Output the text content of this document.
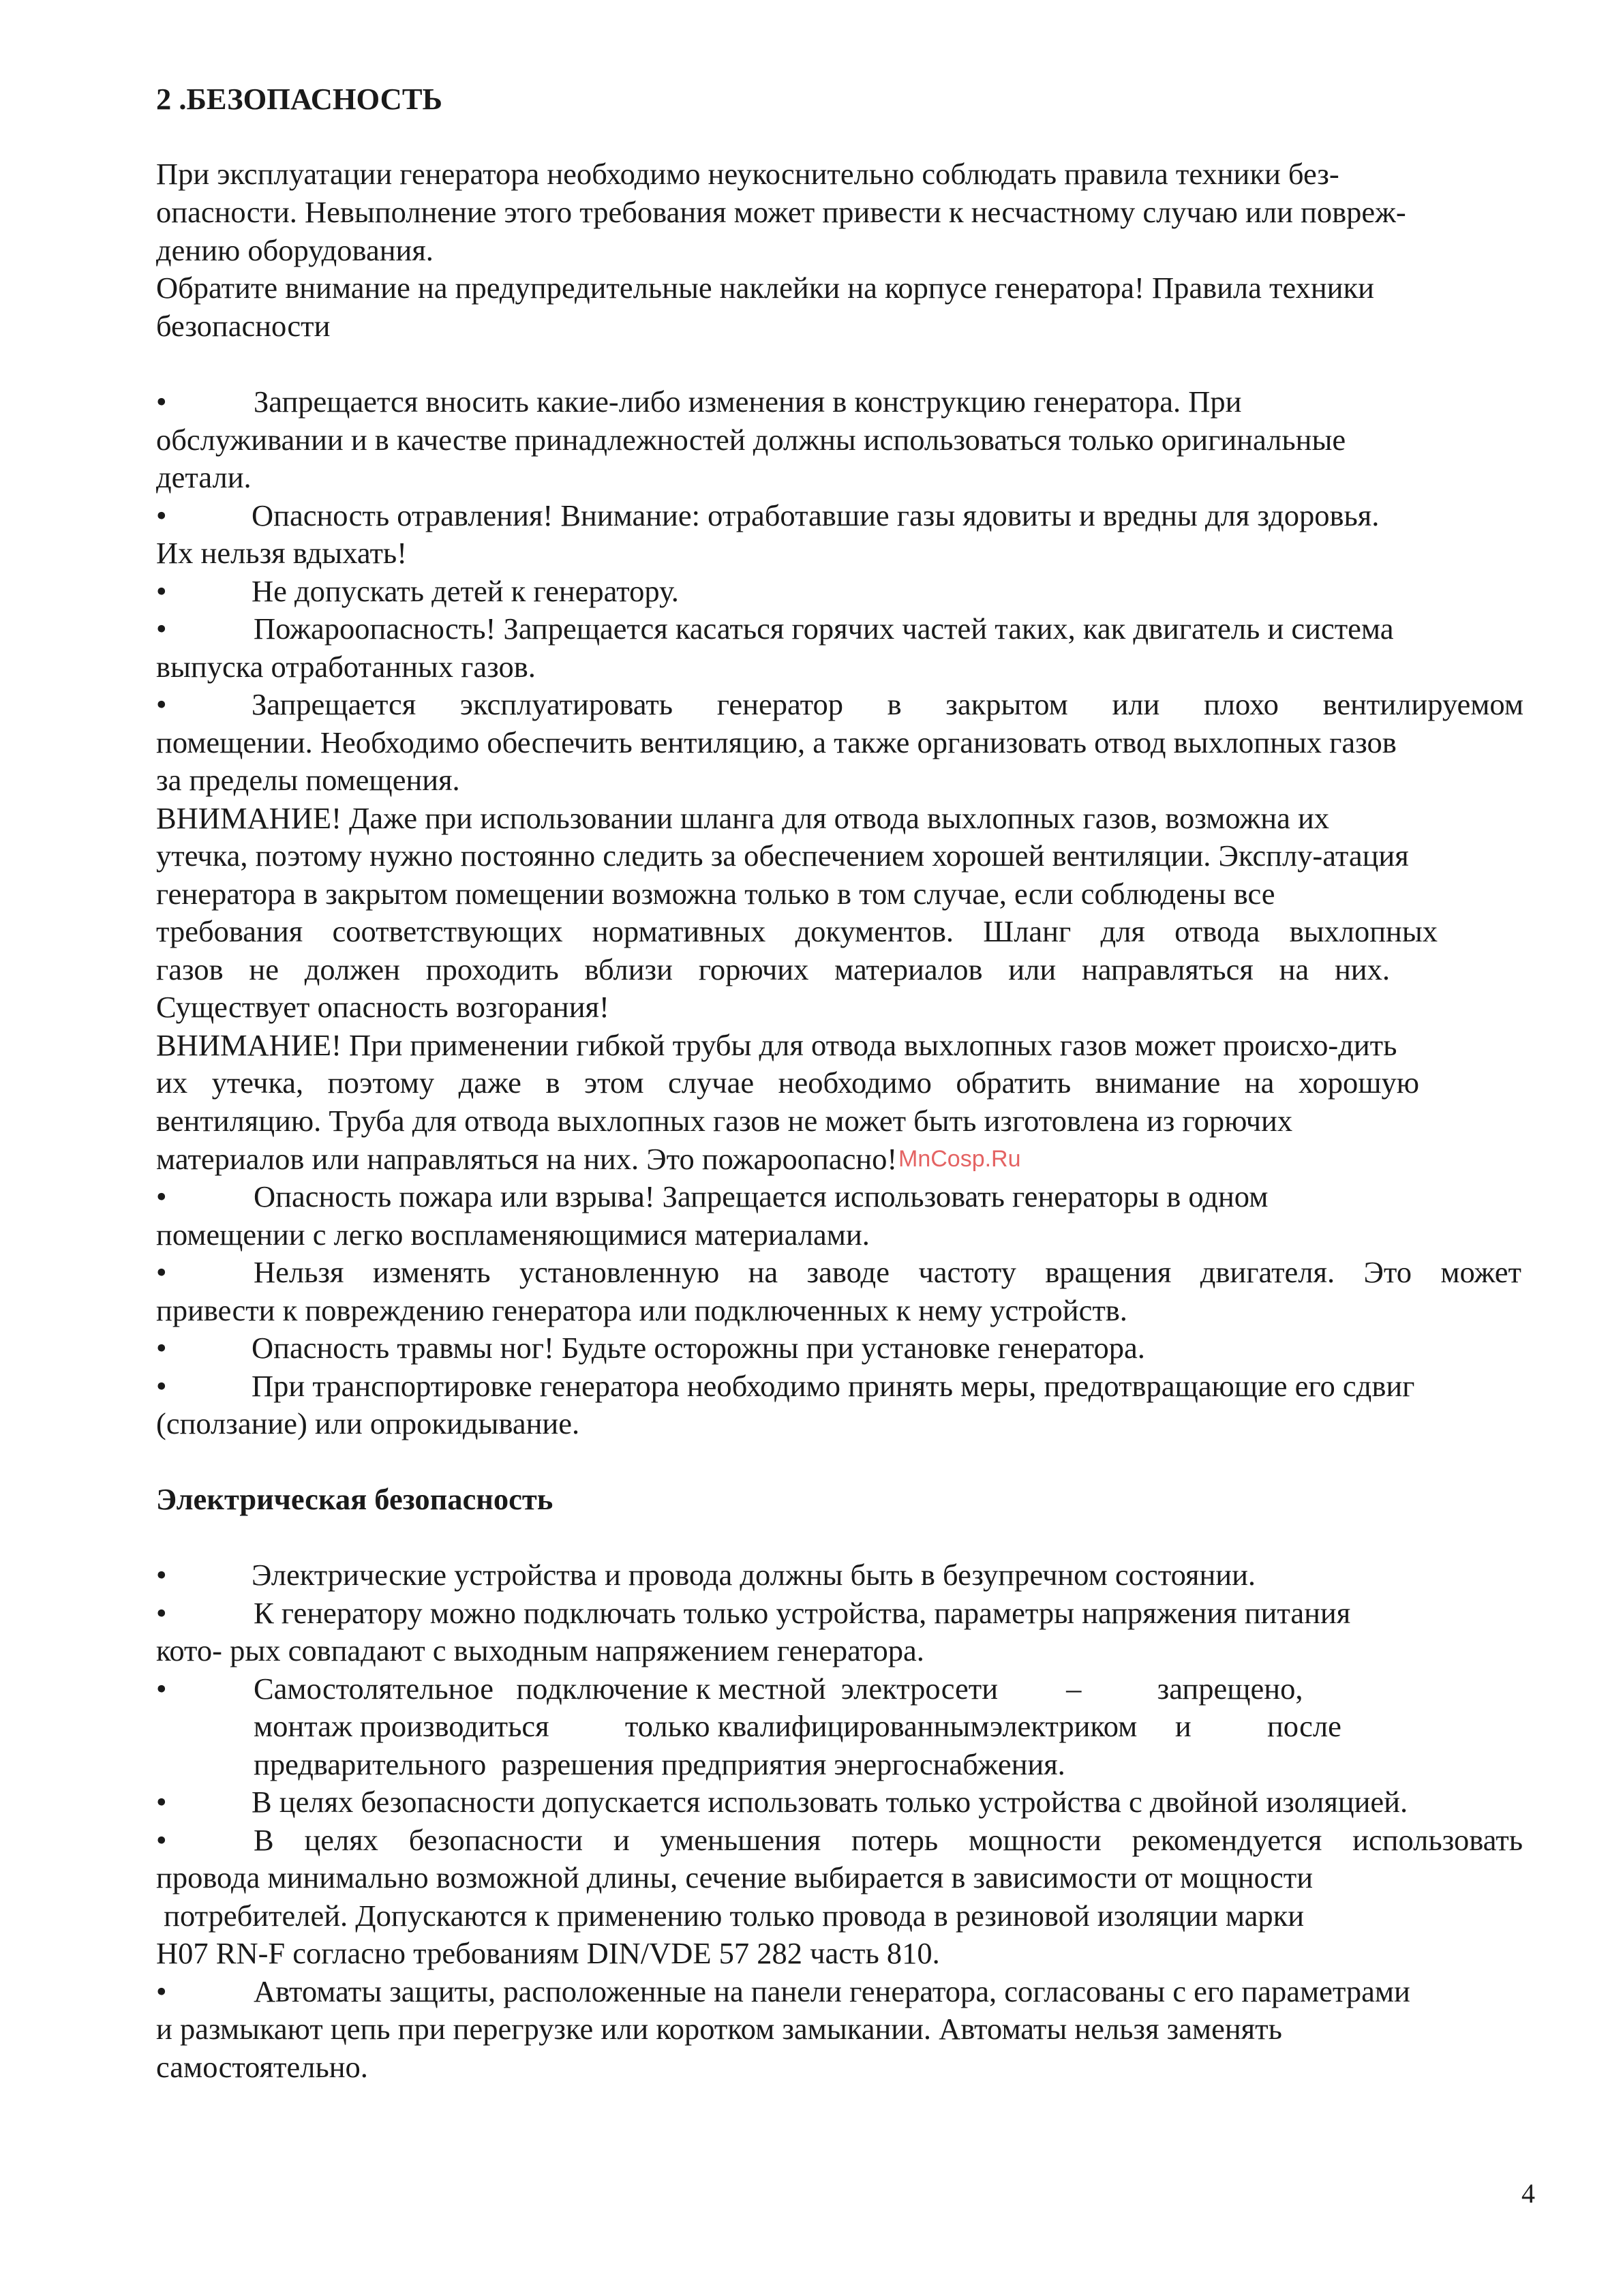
2 .БЕЗОПАСНОСТЬ
При эксплуатации генератора необходимо неукоснительно соблюдать правила техники без-
опасности. Невыполнение этого требования может привести к несчастному случаю или повреж-
дению оборудования.
Обратите внимание на предупредительные наклейки на корпусе генератора! Правила техники
безопасности
•	Запрещается вносить какие-либо изменения в конструкцию генератора. При
обслуживании и в качестве принадлежностей должны использоваться только оригинальные
детали.
•	Опасность отравления! Внимание: отработавшие газы ядовиты и вредны для здоровья.
Их нельзя вдыхать!
•	Не допускать детей к генератору.
•	Пожароопасность! Запрещается касаться горячих частей таких, как двигатель и система
выпуска отработанных газов.
•	Запрещается эксплуатировать генератор в закрытом или плохо вентилируемом
помещении. Необходимо обеспечить вентиляцию, а также организовать отвод выхлопных газов
за пределы помещения.
ВНИМАНИЕ! Даже при использовании шланга для отвода выхлопных газов, возможна их
утечка, поэтому нужно постоянно следить за обеспечением хорошей вентиляции. Эксплу-атация
генератора в закрытом помещении возможна только в том случае, если соблюдены все
требования соответствующих нормативных документов. Шланг для отвода выхлопных
газов не должен проходить вблизи горючих материалов или направляться на них.
Существует опасность возгорания!
ВНИМАНИЕ! При применении гибкой трубы для отвода выхлопных газов может происхо-дить
их утечка, поэтому даже в этом случае необходимо обратить внимание на хорошую
вентиляцию. Труба для отвода выхлопных газов не может быть изготовлена из горючих
материалов или направляться на них. Это пожароопасно! MnCosp.Ru
•	Опасность пожара или взрыва! Запрещается использовать генераторы в одном
помещении с легко воспламеняющимися материалами.
•	Нельзя изменять установленную на заводе частоту вращения двигателя. Это может
привести к повреждению генератора или подключенных к нему устройств.
•	Опасность травмы ног! Будьте осторожны при установке генератора.
•	При транспортировке генератора необходимо принять меры, предотвращающие его сдвиг
(сползание) или опрокидывание.
Электрическая безопасность
•	Электрические устройства и провода должны быть в безупречном состоянии.
•	К генератору можно подключать только устройства, параметры напряжения питания
кото- рых совпадают с выходным напряжением генератора.
•	Самостолятельное   подключение к местной  электросети         –          запрещено,
монтаж производиться          только квалифицированнымэлектриком     и          после
предварительного  разрешения предприятия энергоснабжения.
•	В целях безопасности допускается использовать только устройства с двойной изоляцией.
•	В целях безопасности и уменьшения потерь мощности рекомендуется использовать
провода минимально возможной длины, сечение выбирается в зависимости от мощности
потребителей. Допускаются к применению только провода в резиновой изоляции марки
H07 RN-F согласно требованиям DIN/VDE 57 282 часть 810.
•	Автоматы защиты, расположенные на панели генератора, согласованы с его параметрами
и размыкают цепь при перегрузке или коротком замыкании. Автоматы нельзя заменять
самостоятельно.
4
